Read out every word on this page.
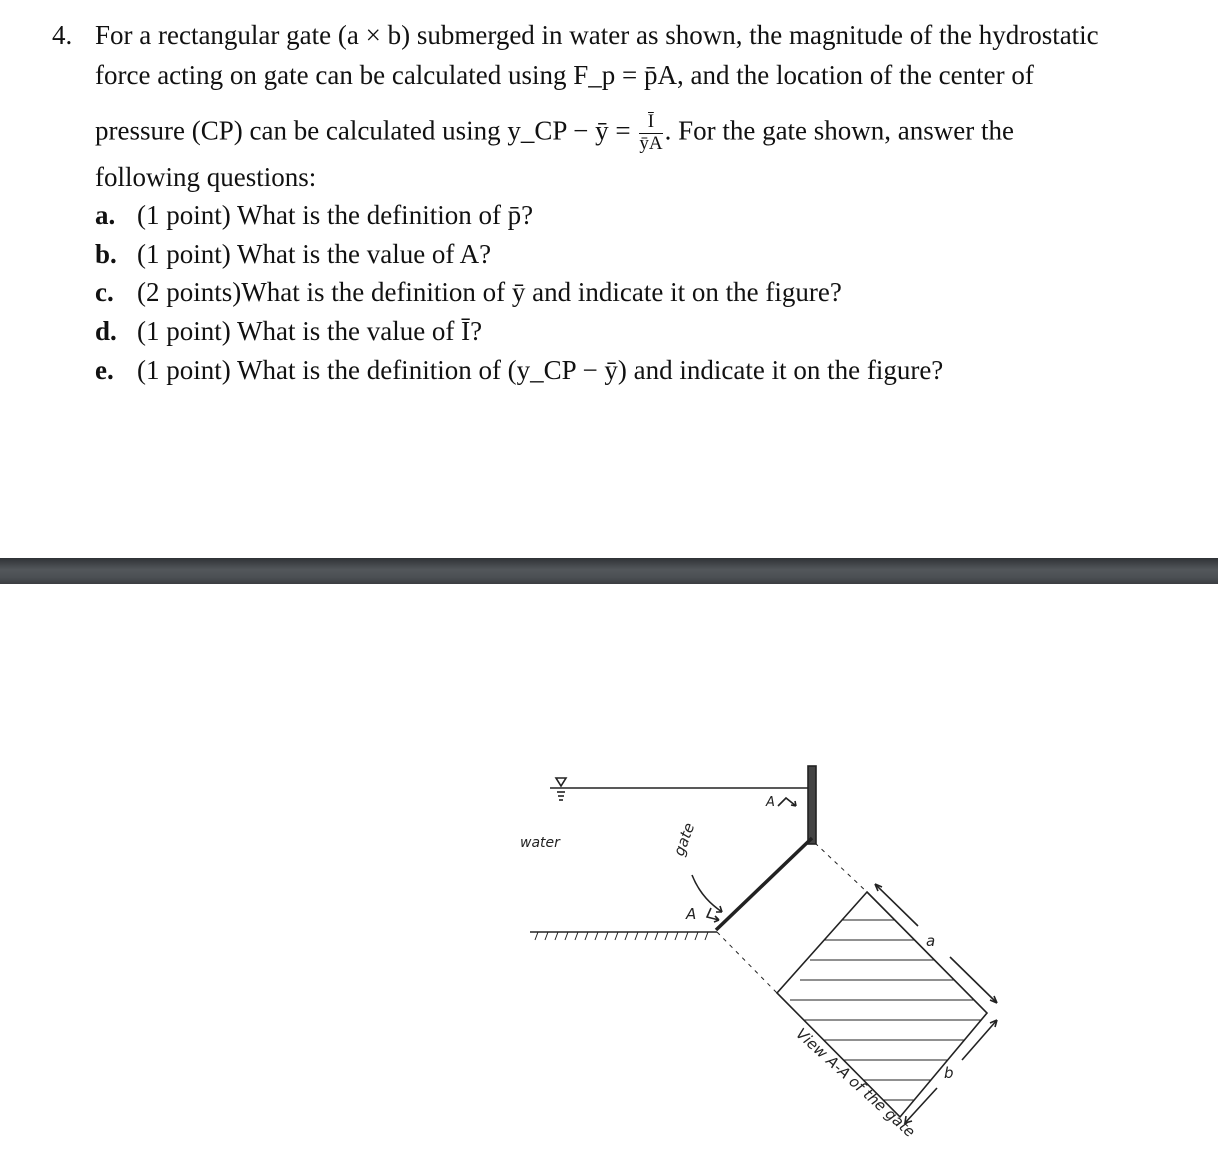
4. For a rectangular gate (a × b) submerged in water as shown, the magnitude of the hydrostatic
force acting on gate can be calculated using F_p = p̄A, and the location of the center of
pressure (CP) can be calculated using y_CP − ȳ = $\frac{Ī}{ȳA}$ . For the gate shown, answer the
following questions:
a. (1 point) What is the definition of p̄?
b. (1 point) What is the value of A?
c. (2 points)What is the definition of ȳ and indicate it on the figure?
d. (1 point) What is the value of Ī?
e. (1 point) What is the definition of (y_CP − ȳ) and indicate it on the figure?
water	gate
A
A
a
b
View A-A of the gate
